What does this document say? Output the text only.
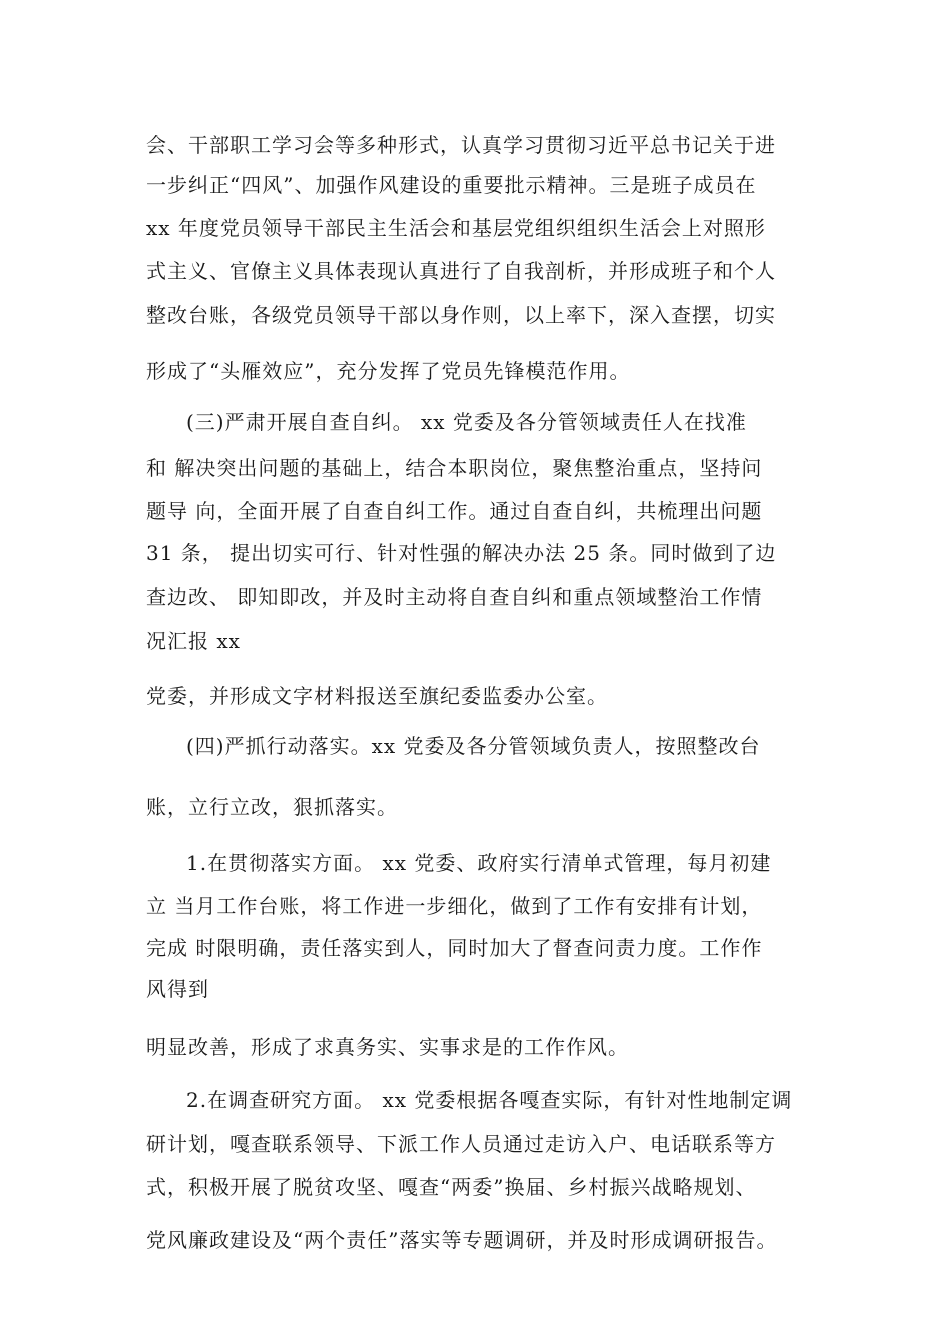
会、干部职工学习会等多种形式，认真学习贯彻习近平总书记关于进
一步纠正“四风”、加强作风建设的重要批示精神。三是班子成员在
xx 年度党员领导干部民主生活会和基层党组织组织生活会上对照形
式主义、官僚主义具体表现认真进行了自我剖析，并形成班子和个人
整改台账，各级党员领导干部以身作则，以上率下，深入查摆，切实
形成了“头雁效应”，充分发挥了党员先锋模范作用。
(三)严肃开展自查自纠。 xx 党委及各分管领域责任人在找准
和 解决突出问题的基础上，结合本职岗位，聚焦整治重点，坚持问
题导 向，全面开展了自查自纠工作。通过自查自纠，共梳理出问题
31 条， 提出切实可行、针对性强的解决办法 25 条。同时做到了边
查边改、 即知即改，并及时主动将自查自纠和重点领域整治工作情
况汇报 xx
党委，并形成文字材料报送至旗纪委监委办公室。
(四)严抓行动落实。xx 党委及各分管领域负责人，按照整改台
账，立行立改，狠抓落实。
1.在贯彻落实方面。 xx 党委、政府实行清单式管理，每月初建
立 当月工作台账，将工作进一步细化，做到了工作有安排有计划，
完成 时限明确，责任落实到人，同时加大了督查问责力度。工作作
风得到
明显改善，形成了求真务实、实事求是的工作作风。
2.在调查研究方面。 xx 党委根据各嘎查实际，有针对性地制定调
研计划，嘎查联系领导、下派工作人员通过走访入户、电话联系等方
式，积极开展了脱贫攻坚、嘎查“两委”换届、乡村振兴战略规划、
党风廉政建设及“两个责任”落实等专题调研，并及时形成调研报告。
